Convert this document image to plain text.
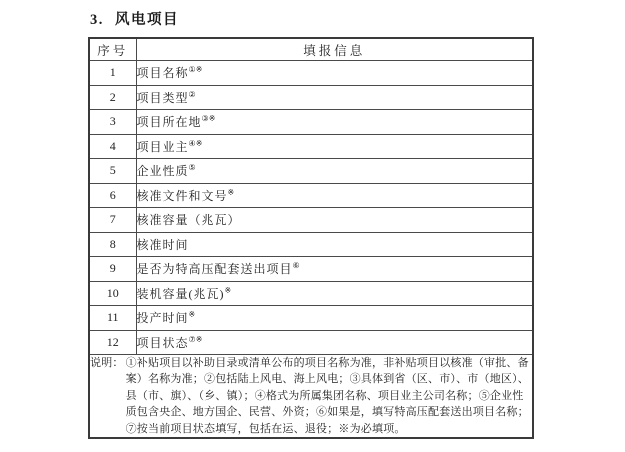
3. 风电项目
序号	填报信息
1	项目名称①※
2	项目类型②
3	项目所在地③※
4	项目业主④※
5	企业性质⑤
6	核准文件和文号※
7	核准容量（兆瓦）
8	核准时间
9	是否为特高压配套送出项目⑥
10	装机容量(兆瓦)※
11	投产时间※
12	项目状态⑦※

说明： ①补贴项目以补助目录或清单公布的项目名称为准，非补贴项目以核准（审批、备
案）名称为准；②包括陆上风电、海上风电；③具体到省（区、市）、市（地区）、
县（市、旗）、（乡、镇）；④格式为所属集团名称、项目业主公司名称；⑤企业性
质包含央企、地方国企、民营、外资；⑥如果是，填写特高压配套送出项目名称；
⑦按当前项目状态填写，包括在运、退役；※为必填项。
